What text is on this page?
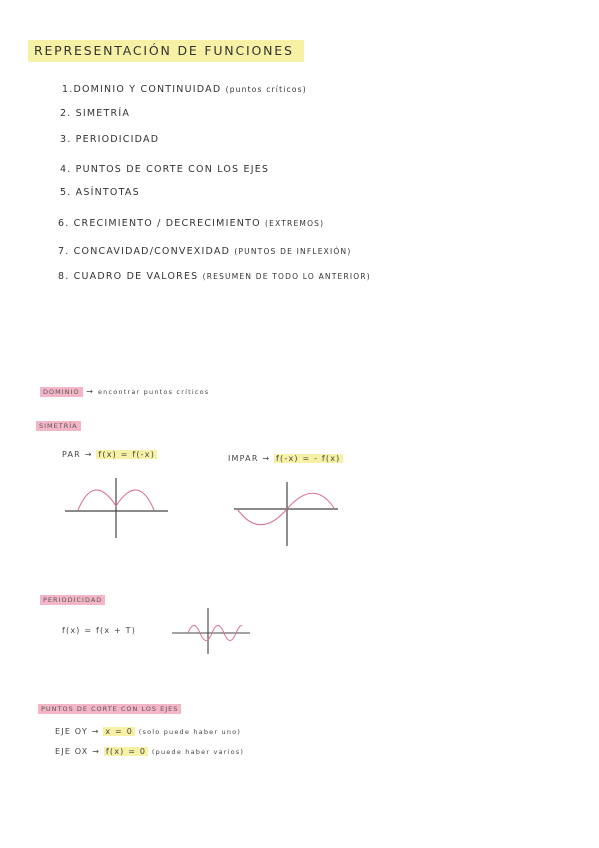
REPRESENTACIÓN DE FUNCIONES
1.DOMINIO Y CONTINUIDAD (puntos críticos)
2. SIMETRÍA
3. PERIODICIDAD
4. PUNTOS DE CORTE CON LOS EJES
5. ASÍNTOTAS
6. CRECIMIENTO / DECRECIMIENTO (EXTREMOS)
7. CONCAVIDAD/CONVEXIDAD (PUNTOS DE INFLEXIÓN)
8. CUADRO DE VALORES (RESUMEN DE TODO LO ANTERIOR)
DOMINIO → encontrar puntos críticos
SIMETRÍA
PAR → f(x) = f(-x)	IMPAR → f(-x) = - f(x)
PERIODICIDAD
f(x) = f(x + T)
PUNTOS DE CORTE CON LOS EJES
EJE OY → x = 0 (solo puede haber uno)
EJE OX → f(x) = 0 (puede haber varios)
